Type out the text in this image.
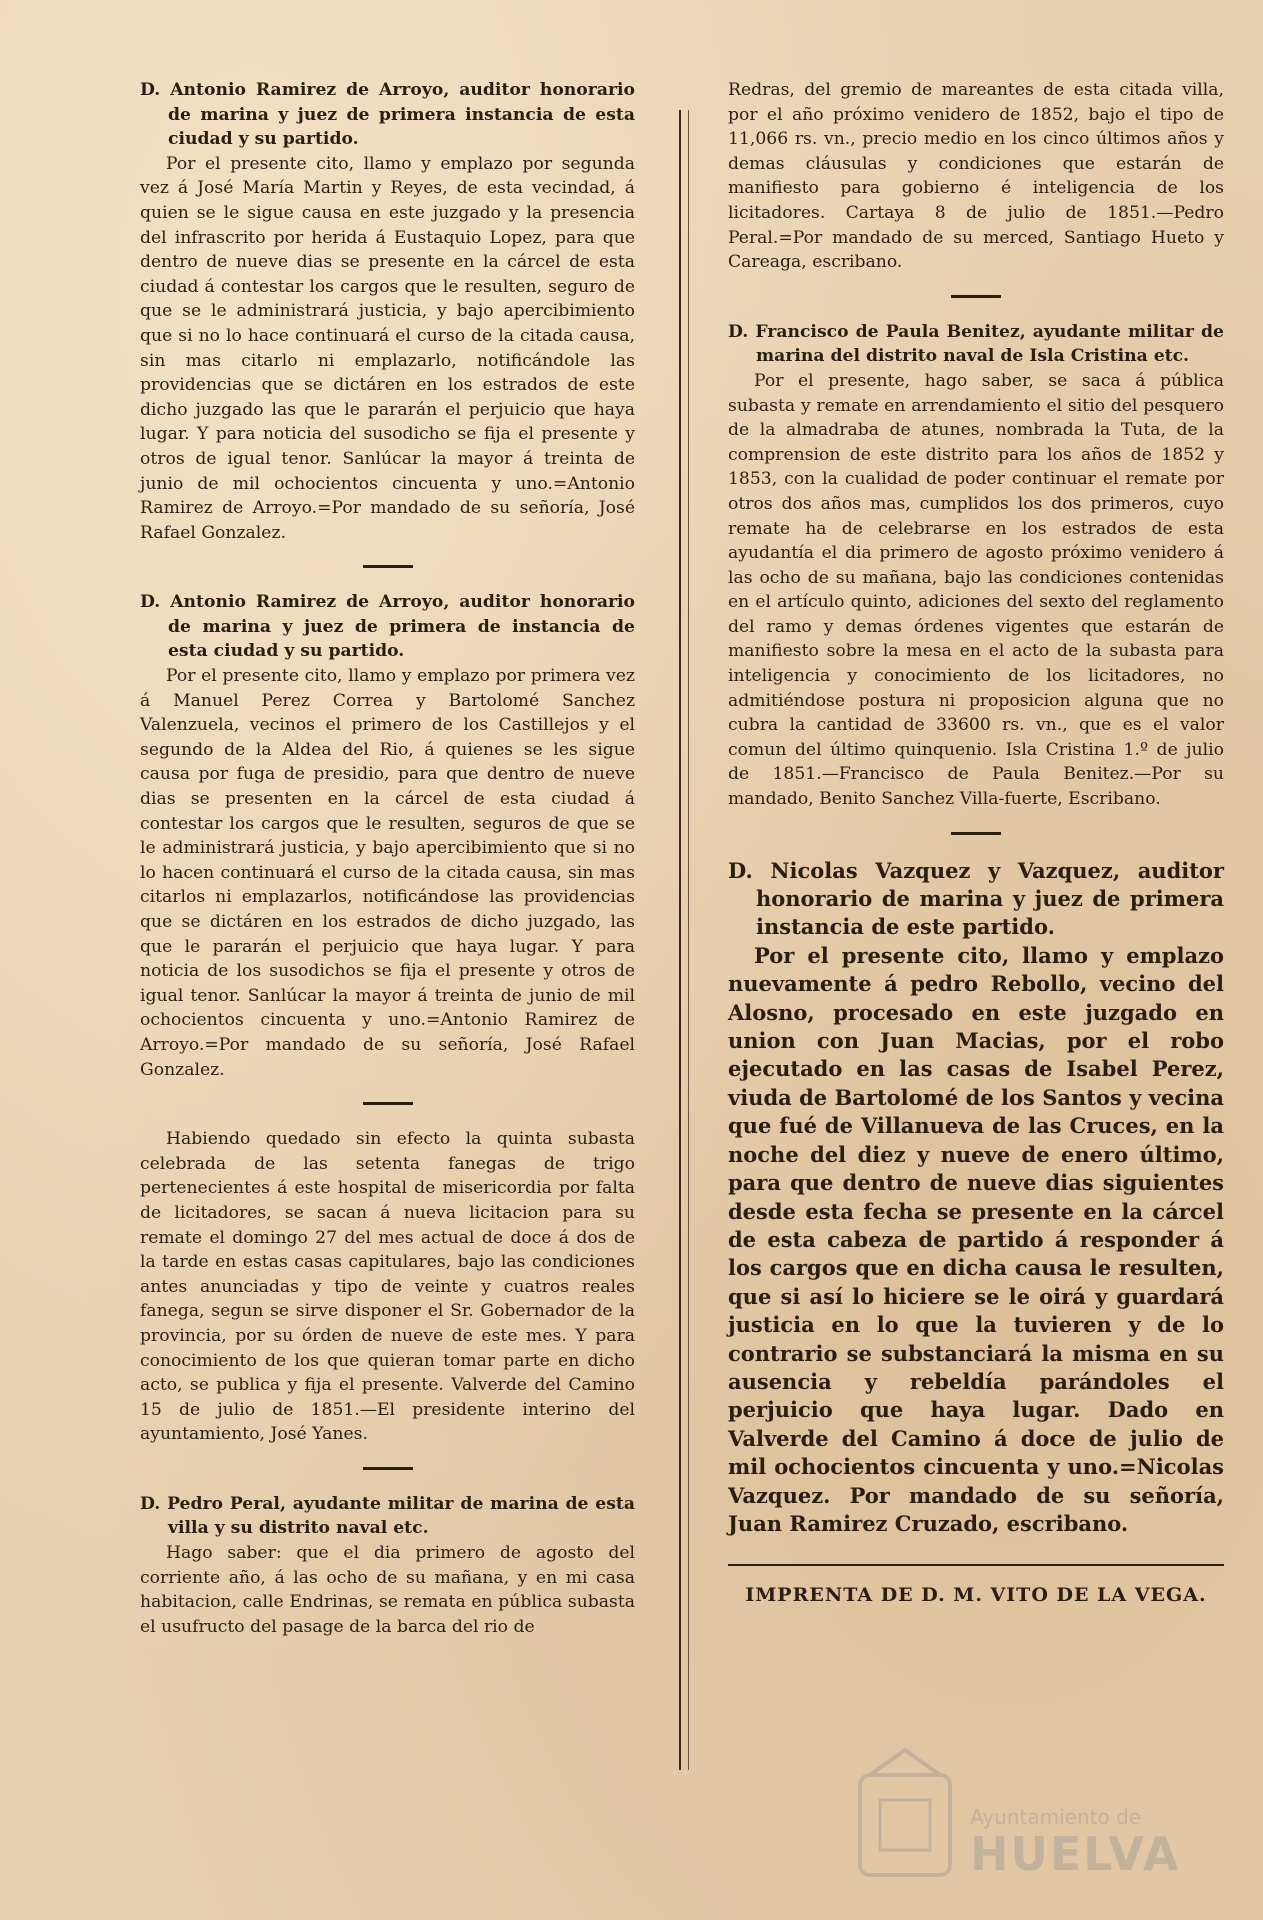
D. Antonio Ramirez de Arroyo, auditor honorario de marina y juez de primera instancia de esta ciudad y su partido.

Por el presente cito, llamo y emplazo por segunda vez á José María Martin y Reyes, de esta vecindad, á quien se le sigue causa en este juzgado y la presencia del infrascrito por herida á Eustaquio Lopez, para que dentro de nueve dias se presente en la cárcel de esta ciudad á contestar los cargos que le resulten, seguro de que se le administrará justicia, y bajo apercibimiento que si no lo hace continuará el curso de la citada causa, sin mas citarlo ni emplazarlo, notificándole las providencias que se dictáren en los estrados de este dicho juzgado las que le pararán el perjuicio que haya lugar. Y para noticia del susodicho se fija el presente y otros de igual tenor. Sanlúcar la mayor á treinta de junio de mil ochocientos cincuenta y uno.=Antonio Ramirez de Arroyo.=Por mandado de su señoría, José Rafael Gonzalez.

D. Antonio Ramirez de Arroyo, auditor honorario de marina y juez de primera de instancia de esta ciudad y su partido.

Por el presente cito, llamo y emplazo por primera vez á Manuel Perez Correa y Bartolomé Sanchez Valenzuela, vecinos el primero de los Castillejos y el segundo de la Aldea del Rio, á quienes se les sigue causa por fuga de presidio, para que dentro de nueve dias se presenten en la cárcel de esta ciudad á contestar los cargos que le resulten, seguros de que se le administrará justicia, y bajo apercibimiento que si no lo hacen continuará el curso de la citada causa, sin mas citarlos ni emplazarlos, notificándose las providencias que se dictáren en los estrados de dicho juzgado, las que le pararán el perjuicio que haya lugar. Y para noticia de los susodichos se fija el presente y otros de igual tenor. Sanlúcar la mayor á treinta de junio de mil ochocientos cincuenta y uno.=Antonio Ramirez de Arroyo.=Por mandado de su señoría, José Rafael Gonzalez.

Habiendo quedado sin efecto la quinta subasta celebrada de las setenta fanegas de trigo pertenecientes á este hospital de misericordia por falta de licitadores, se sacan á nueva licitacion para su remate el domingo 27 del mes actual de doce á dos de la tarde en estas casas capitulares, bajo las condiciones antes anunciadas y tipo de veinte y cuatros reales fanega, segun se sirve disponer el Sr. Gobernador de la provincia, por su órden de nueve de este mes. Y para conocimiento de los que quieran tomar parte en dicho acto, se publica y fija el presente. Valverde del Camino 15 de julio de 1851.—El presidente interino del ayuntamiento, José Yanes.

D. Pedro Peral, ayudante militar de marina de esta villa y su distrito naval etc.

Hago saber: que el dia primero de agosto del corriente año, á las ocho de su mañana, y en mi casa habitacion, calle Endrinas, se remata en pública subasta el usufructo del pasage de la barca del rio de

Redras, del gremio de mareantes de esta citada villa, por el año próximo venidero de 1852, bajo el tipo de 11,066 rs. vn., precio medio en los cinco últimos años y demas cláusulas y condiciones que estarán de manifiesto para gobierno é inteligencia de los licitadores. Cartaya 8 de julio de 1851.—Pedro Peral.=Por mandado de su merced, Santiago Hueto y Careaga, escribano.

D. Francisco de Paula Benitez, ayudante militar de marina del distrito naval de Isla Cristina etc.

Por el presente, hago saber, se saca á pública subasta y remate en arrendamiento el sitio del pesquero de la almadraba de atunes, nombrada la Tuta, de la comprension de este distrito para los años de 1852 y 1853, con la cualidad de poder continuar el remate por otros dos años mas, cumplidos los dos primeros, cuyo remate ha de celebrarse en los estrados de esta ayudantía el dia primero de agosto próximo venidero á las ocho de su mañana, bajo las condiciones contenidas en el artículo quinto, adiciones del sexto del reglamento del ramo y demas órdenes vigentes que estarán de manifiesto sobre la mesa en el acto de la subasta para inteligencia y conocimiento de los licitadores, no admitiéndose postura ni proposicion alguna que no cubra la cantidad de 33600 rs. vn., que es el valor comun del último quinquenio. Isla Cristina 1.º de julio de 1851.—Francisco de Paula Benitez.—Por su mandado, Benito Sanchez Villa-fuerte, Escribano.

D. Nicolas Vazquez y Vazquez, auditor honorario de marina y juez de primera instancia de este partido.

Por el presente cito, llamo y emplazo nuevamente á pedro Rebollo, vecino del Alosno, procesado en este juzgado en union con Juan Macias, por el robo ejecutado en las casas de Isabel Perez, viuda de Bartolomé de los Santos y vecina que fué de Villanueva de las Cruces, en la noche del diez y nueve de enero último, para que dentro de nueve dias siguientes desde esta fecha se presente en la cárcel de esta cabeza de partido á responder á los cargos que en dicha causa le resulten, que si así lo hiciere se le oirá y guardará justicia en lo que la tuvieren y de lo contrario se substanciará la misma en su ausencia y rebeldía parándoles el perjuicio que haya lugar. Dado en Valverde del Camino á doce de julio de mil ochocientos cincuenta y uno.=Nicolas Vazquez. Por mandado de su señoría, Juan Ramirez Cruzado, escribano.

IMPRENTA DE D. M. VITO DE LA VEGA.
Ayuntamiento de
HUELVA
